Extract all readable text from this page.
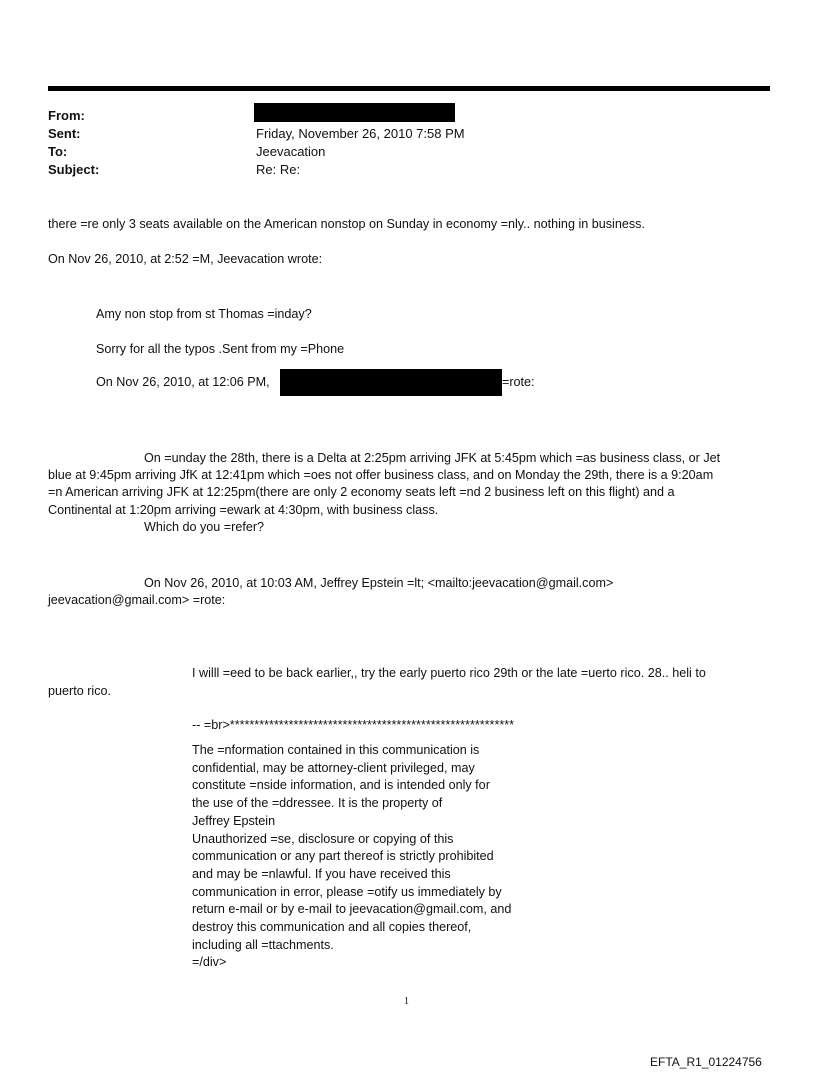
From:
Sent:
To:
Subject:
Friday, November 26, 2010 7:58 PM
Jeevacation
Re: Re:
there =re only 3 seats available on the American nonstop on Sunday in economy =nly.. nothing in business.
On Nov 26, 2010, at 2:52 =M, Jeevacation wrote:
Amy non stop from st Thomas =inday?
Sorry for all the typos .Sent from my =Phone
On Nov 26, 2010, at 12:06 PM,	=rote:
On =unday the 28th, there is a Delta at 2:25pm arriving JFK at 5:45pm which =as business class, or Jet
blue at 9:45pm arriving JfK at 12:41pm which =oes not offer business class, and on Monday the 29th, there is a 9:20am
=n American arriving JFK at 12:25pm(there are only 2 economy seats left =nd 2 business left on this flight) and a
Continental at 1:20pm arriving =ewark at 4:30pm, with business class.
Which do you =refer?
On Nov 26, 2010, at 10:03 AM, Jeffrey Epstein =lt; <mailto:jeevacation@gmail.com>
jeevacation@gmail.com> =rote:
I willl =eed to be back earlier,, try the early puerto rico 29th or the late =uerto rico. 28.. heli to
puerto rico.
-- =br>**********************************************************
The =nformation contained in this communication is
confidential, may be attorney-client privileged, may
constitute =nside information, and is intended only for
the use of the =ddressee. It is the property of
Jeffrey Epstein
Unauthorized =se, disclosure or copying of this
communication or any part thereof is strictly prohibited
and may be =nlawful. If you have received this
communication in error, please =otify us immediately by
return e-mail or by e-mail to jeevacation@gmail.com, and
destroy this communication and all copies thereof,
including all =ttachments.
=/div>
1
EFTA_R1_01224756
